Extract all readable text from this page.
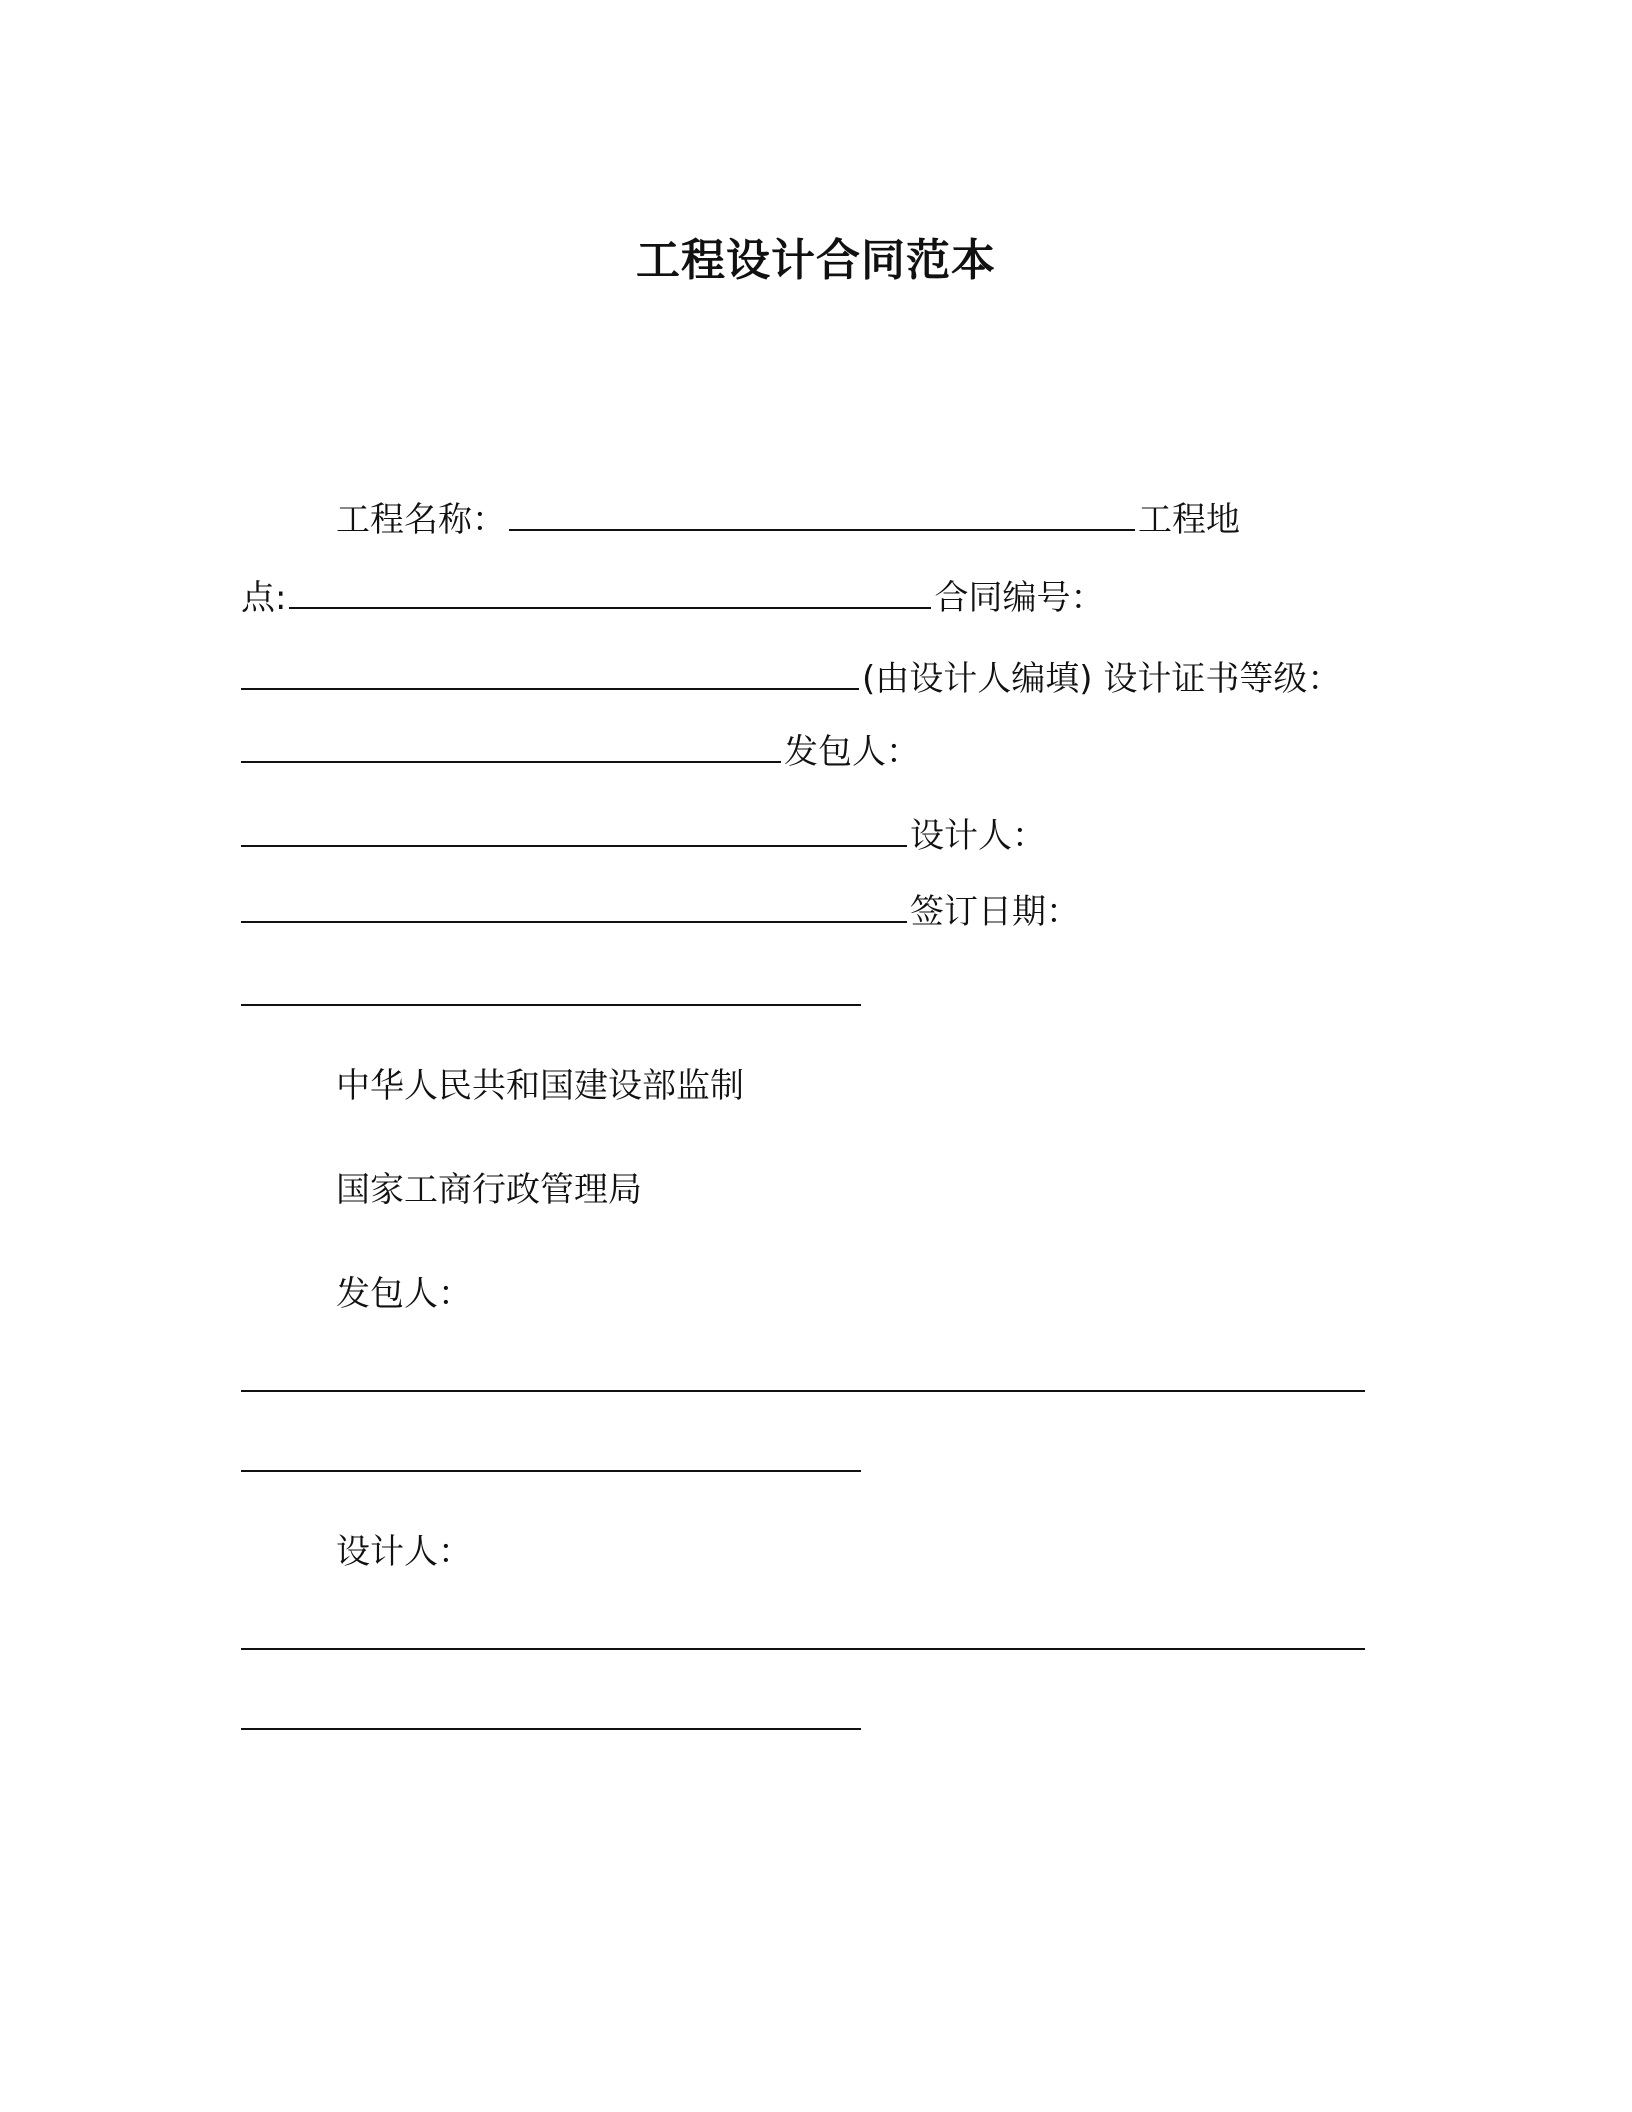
工程设计合同范本
工程名称：	工程地
点:	合同编号：
(由设计人编填) 设计证书等级：
发包人：
设计人：
签订日期：
中华人民共和国建设部监制
国家工商行政管理局
发包人：
设计人：
